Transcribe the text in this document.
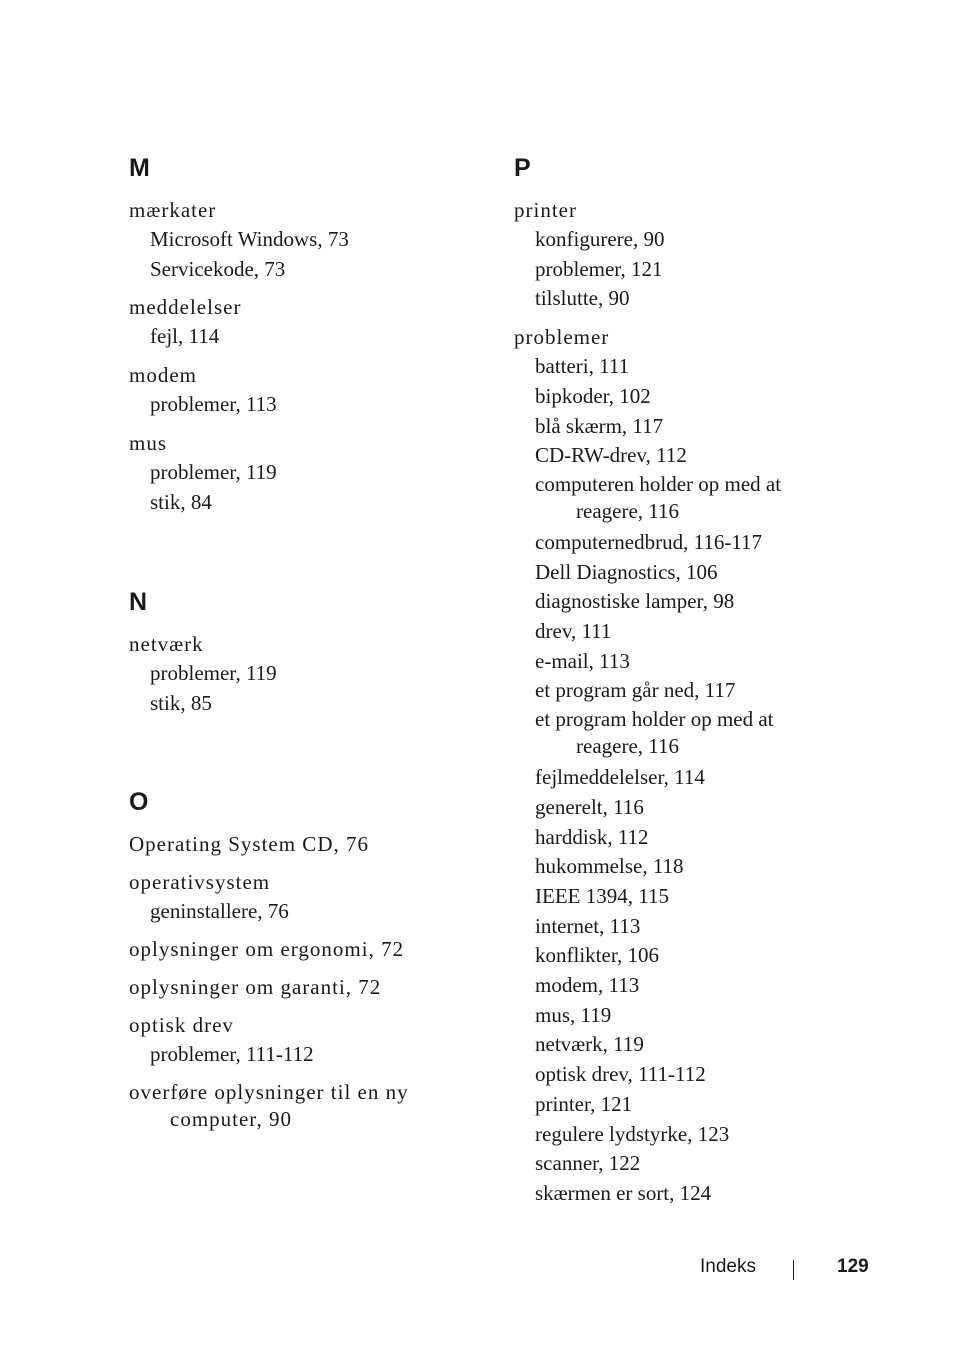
M
mærkater
Microsoft Windows, 73
Servicekode, 73
meddelelser
fejl, 114
modem
problemer, 113
mus
problemer, 119
stik, 84
N
netværk
problemer, 119
stik, 85
O
Operating System CD, 76
operativsystem
geninstallere, 76
oplysninger om ergonomi, 72
oplysninger om garanti, 72
optisk drev
problemer, 111-112
overføre oplysninger til en ny computer, 90
P
printer
konfigurere, 90
problemer, 121
tilslutte, 90
problemer
batteri, 111
bipkoder, 102
blå skærm, 117
CD-RW-drev, 112
computeren holder op med at reagere, 116
computernedbrud, 116-117
Dell Diagnostics, 106
diagnostiske lamper, 98
drev, 111
e-mail, 113
et program går ned, 117
et program holder op med at reagere, 116
fejlmeddelelser, 114
generelt, 116
harddisk, 112
hukommelse, 118
IEEE 1394, 115
internet, 113
konflikter, 106
modem, 113
mus, 119
netværk, 119
optisk drev, 111-112
printer, 121
regulere lydstyrke, 123
scanner, 122
skærmen er sort, 124
Indeks	129
